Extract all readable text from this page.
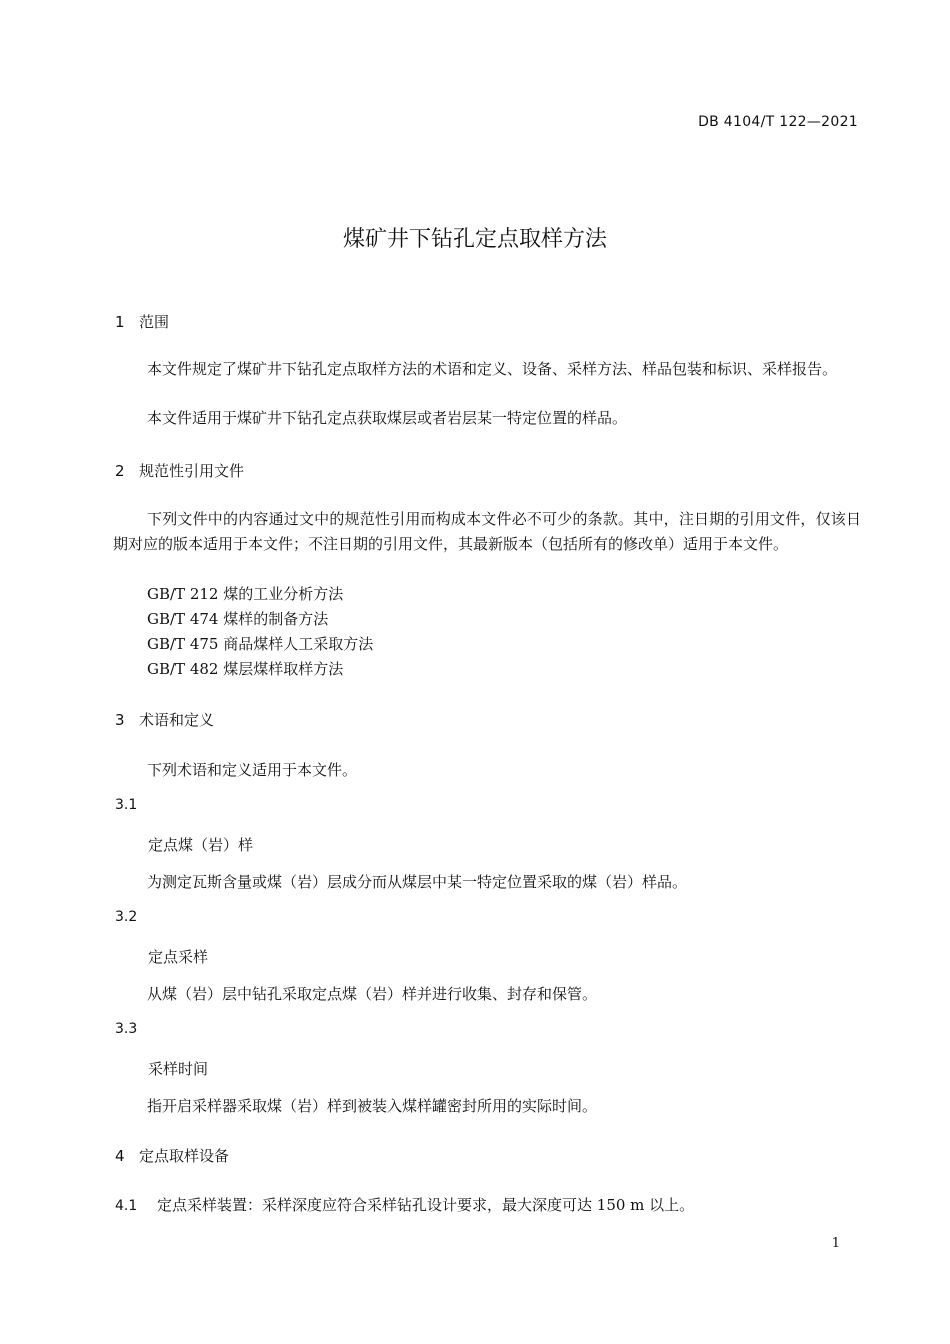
DB 4104/T 122—2021
煤矿井下钻孔定点取样方法
1 范围
本文件规定了煤矿井下钻孔定点取样方法的术语和定义、设备、采样方法、样品包装和标识、采样报告。
本文件适用于煤矿井下钻孔定点获取煤层或者岩层某一特定位置的样品。
2 规范性引用文件
下列文件中的内容通过文中的规范性引用而构成本文件必不可少的条款。其中，注日期的引用文件，仅该日期对应的版本适用于本文件；不注日期的引用文件，其最新版本（包括所有的修改单）适用于本文件。
GB/T 212 煤的工业分析方法
GB/T 474 煤样的制备方法
GB/T 475 商品煤样人工采取方法
GB/T 482 煤层煤样取样方法
3 术语和定义
下列术语和定义适用于本文件。
3.1
定点煤（岩）样
为测定瓦斯含量或煤（岩）层成分而从煤层中某一特定位置采取的煤（岩）样品。
3.2
定点采样
从煤（岩）层中钻孔采取定点煤（岩）样并进行收集、封存和保管。
3.3
采样时间
指开启采样器采取煤（岩）样到被装入煤样罐密封所用的实际时间。
4 定点取样设备
4.1 定点采样装置：采样深度应符合采样钻孔设计要求，最大深度可达 150 m 以上。
1
